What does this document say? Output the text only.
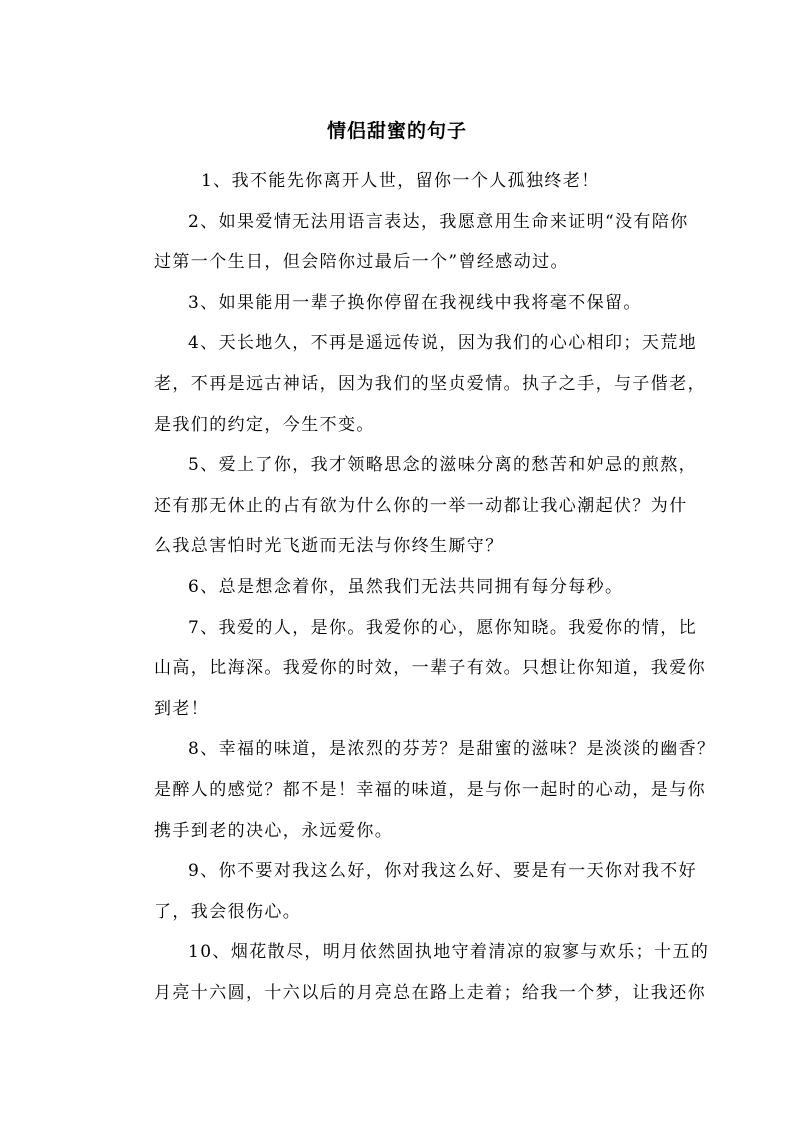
情侣甜蜜的句子

1、我不能先你离开人世，留你一个人孤独终老！

2、如果爱情无法用语言表达，我愿意用生命来证明“没有陪你
过第一个生日，但会陪你过最后一个”曾经感动过。

3、如果能用一辈子换你停留在我视线中我将毫不保留。

4、天长地久，不再是遥远传说，因为我们的心心相印；天荒地
老，不再是远古神话，因为我们的坚贞爱情。执子之手，与子偕老，
是我们的约定，今生不变。

5、爱上了你，我才领略思念的滋味分离的愁苦和妒忌的煎熬，
还有那无休止的占有欲为什么你的一举一动都让我心潮起伏？为什
么我总害怕时光飞逝而无法与你终生厮守？

6、总是想念着你，虽然我们无法共同拥有每分每秒。

7、我爱的人，是你。我爱你的心，愿你知晓。我爱你的情，比
山高，比海深。我爱你的时效，一辈子有效。只想让你知道，我爱你
到老！

8、幸福的味道，是浓烈的芬芳？是甜蜜的滋味？是淡淡的幽香？
是醉人的感觉？都不是！幸福的味道，是与你一起时的心动，是与你
携手到老的决心，永远爱你。

9、你不要对我这么好，你对我这么好、要是有一天你对我不好
了，我会很伤心。

10、烟花散尽，明月依然固执地守着清凉的寂寥与欢乐；十五的
月亮十六圆，十六以后的月亮总在路上走着；给我一个梦，让我还你
